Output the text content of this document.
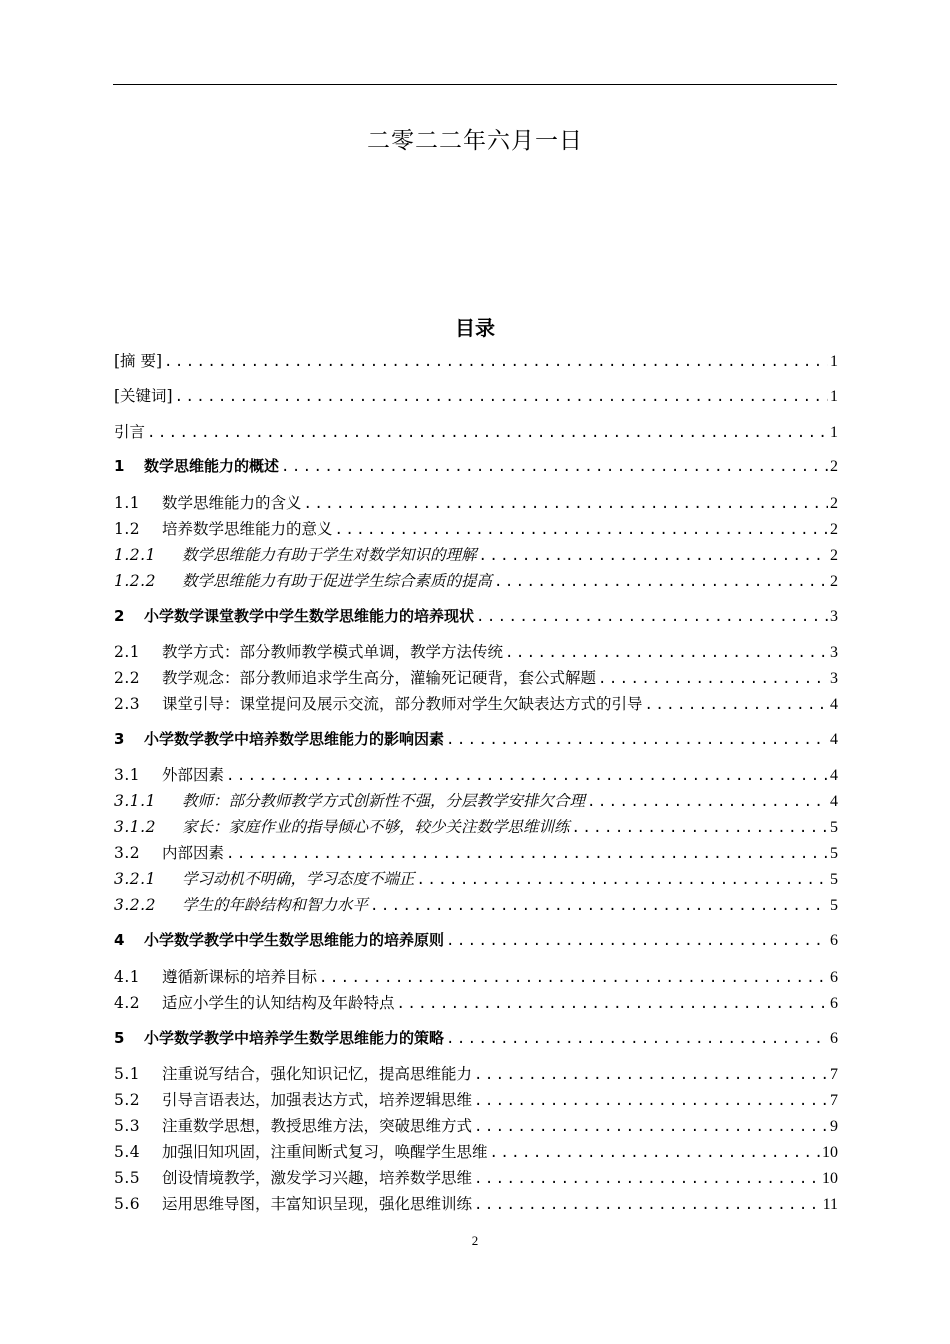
二零二二年六月一日
目录
[摘 要] .....	1
[关键词] .....	1
引言 .....	1
1	数学思维能力的概述 .....	2
1.1	数学思维能力的含义 .....	2
1.2	培养数学思维能力的意义 .....	2
1.2.1	数学思维能力有助于学生对数学知识的理解 .....	2
1.2.2	数学思维能力有助于促进学生综合素质的提高 .....	2
2	小学数学课堂教学中学生数学思维能力的培养现状 .....	3
2.1	教学方式：部分教师教学模式单调，教学方法传统 .....	3
2.2	教学观念：部分教师追求学生高分，灌输死记硬背，套公式解题 .....	3
2.3	课堂引导：课堂提问及展示交流，部分教师对学生欠缺表达方式的引导 .....	4
3	小学数学教学中培养数学思维能力的影响因素 .....	4
3.1	外部因素 .....	4
3.1.1	教师：部分教师教学方式创新性不强，分层教学安排欠合理 .....	4
3.1.2	家长：家庭作业的指导倾心不够，较少关注数学思维训练 .....	5
3.2	内部因素 .....	5
3.2.1	学习动机不明确，学习态度不端正 .....	5
3.2.2	学生的年龄结构和智力水平 .....	5
4	小学数学教学中学生数学思维能力的培养原则 .....	6
4.1	遵循新课标的培养目标 .....	6
4.2	适应小学生的认知结构及年龄特点 .....	6
5	小学数学教学中培养学生数学思维能力的策略 .....	6
5.1	注重说写结合，强化知识记忆，提高思维能力 .....	7
5.2	引导言语表达，加强表达方式，培养逻辑思维 .....	7
5.3	注重数学思想，教授思维方法，突破思维方式 .....	9
5.4	加强旧知巩固，注重间断式复习，唤醒学生思维 .....	10
5.5	创设情境教学，激发学习兴趣，培养数学思维 .....	10
5.6	运用思维导图，丰富知识呈现，强化思维训练 .....	11
2
